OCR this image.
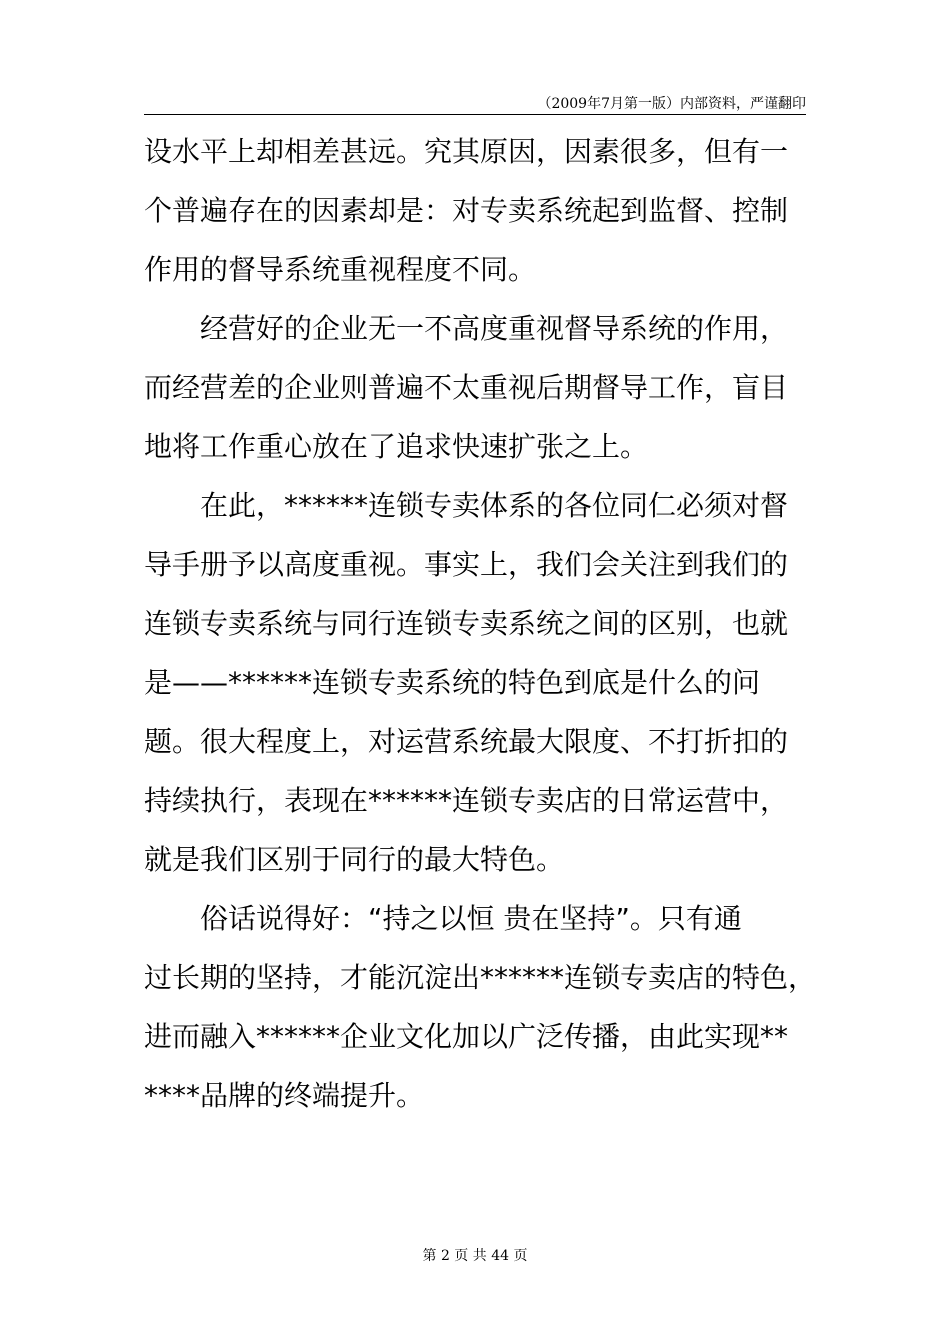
（2009年7月第一版）内部资料，严谨翻印
设水平上却相差甚远。究其原因，因素很多，但有一
个普遍存在的因素却是：对专卖系统起到监督、控制
作用的督导系统重视程度不同。
　　经营好的企业无一不高度重视督导系统的作用，
而经营差的企业则普遍不太重视后期督导工作，盲目
地将工作重心放在了追求快速扩张之上。
　　在此，******连锁专卖体系的各位同仁必须对督
导手册予以高度重视。事实上，我们会关注到我们的
连锁专卖系统与同行连锁专卖系统之间的区别，也就
是——******连锁专卖系统的特色到底是什么的问
题。很大程度上，对运营系统最大限度、不打折扣的
持续执行，表现在******连锁专卖店的日常运营中，
就是我们区别于同行的最大特色。
　　俗话说得好：“持之以恒 贵在坚持”。只有通
过长期的坚持，才能沉淀出******连锁专卖店的特色，
进而融入******企业文化加以广泛传播，由此实现**
****品牌的终端提升。
第 2 页 共 44 页
